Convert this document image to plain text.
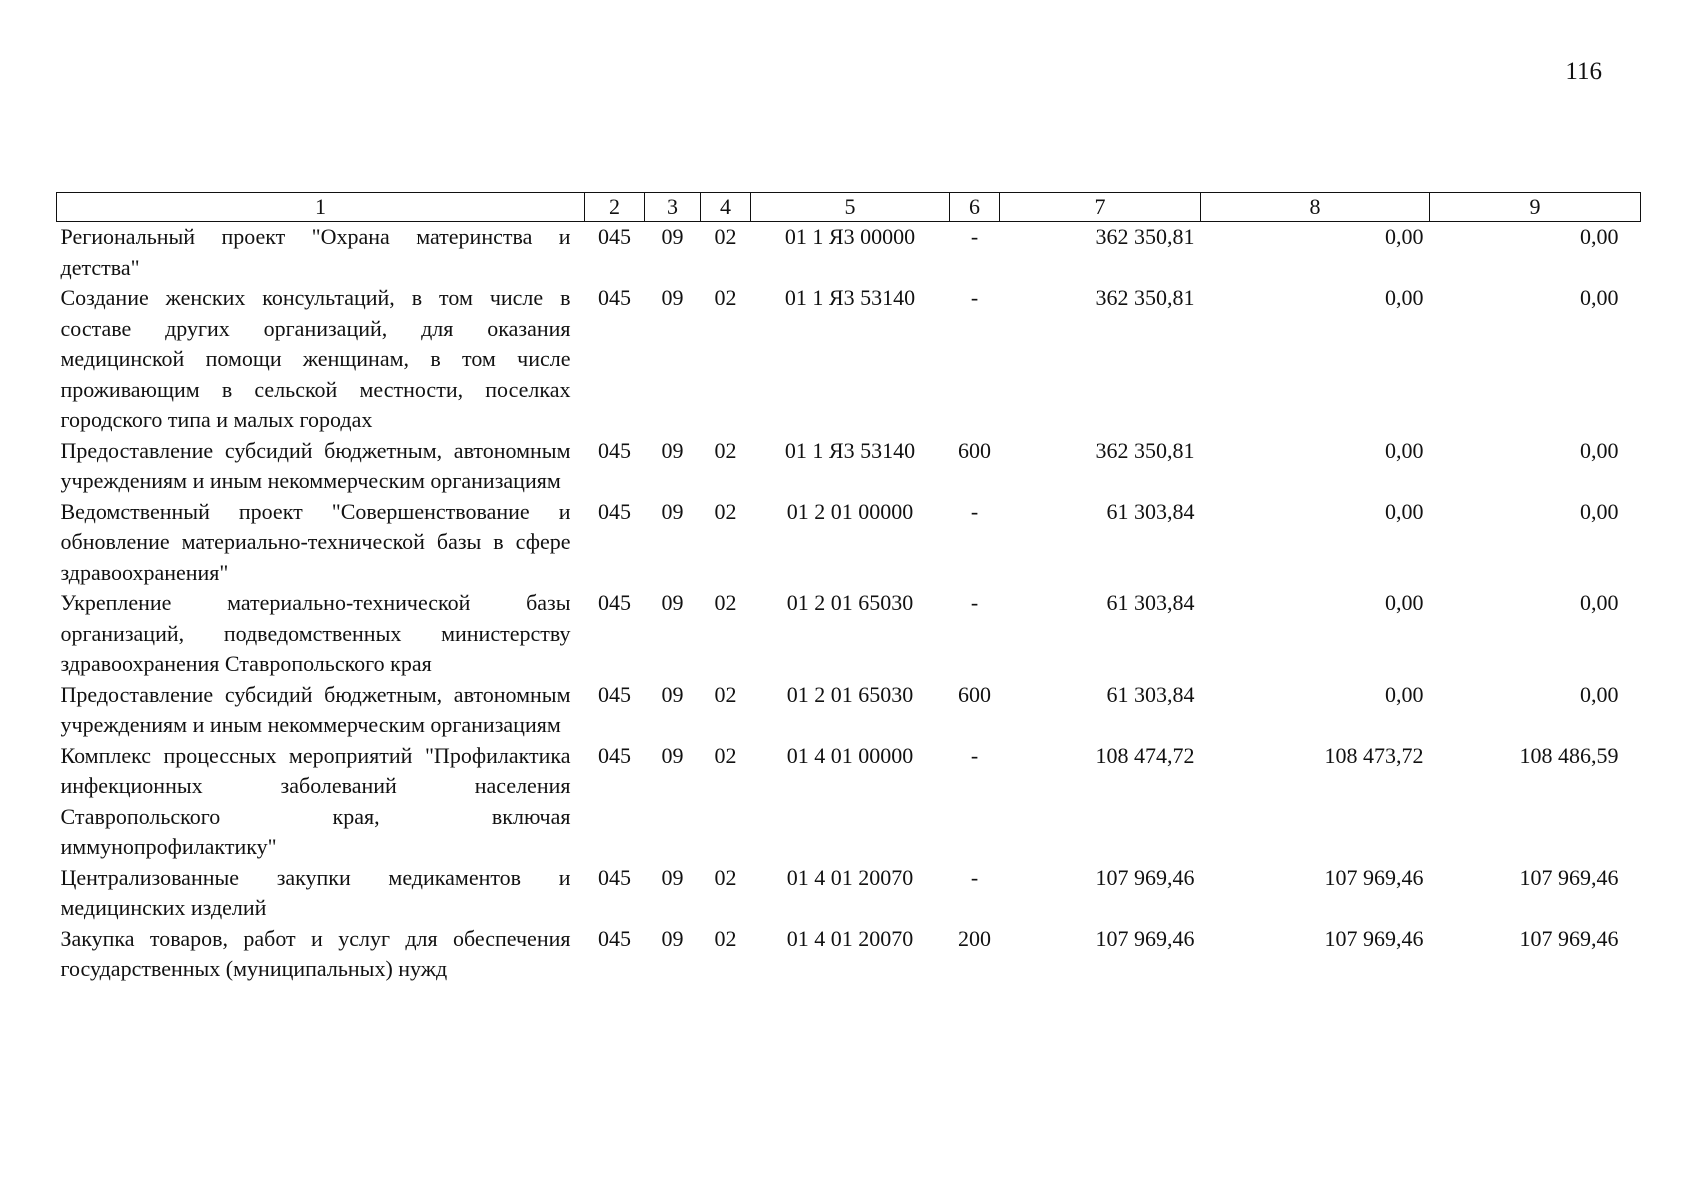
116
1	2	3	4	5	6	7	8	9
Региональный проект "Охрана материнства и детства"	045	09	02	01 1 Я3 00000	-	362 350,81	0,00	0,00
Создание женских консультаций, в том числе в составе других организаций, для оказания медицинской помощи женщинам, в том числе проживающим в сельской местности, поселках городского типа и малых городах	045	09	02	01 1 Я3 53140	-	362 350,81	0,00	0,00
Предоставление субсидий бюджетным, автономным учреждениям и иным некоммерческим организациям	045	09	02	01 1 Я3 53140	600	362 350,81	0,00	0,00
Ведомственный проект "Совершенствование и обновление материально-технической базы в сфере здравоохранения"	045	09	02	01 2 01 00000	-	61 303,84	0,00	0,00
Укрепление материально-технической базы организаций, подведомственных министерству здравоохранения Ставропольского края	045	09	02	01 2 01 65030	-	61 303,84	0,00	0,00
Предоставление субсидий бюджетным, автономным учреждениям и иным некоммерческим организациям	045	09	02	01 2 01 65030	600	61 303,84	0,00	0,00
Комплекс процессных мероприятий "Профилактика инфекционных заболеваний населения Ставропольского края, включая иммунопрофилактику"	045	09	02	01 4 01 00000	-	108 474,72	108 473,72	108 486,59
Централизованные закупки медикаментов и медицинских изделий	045	09	02	01 4 01 20070	-	107 969,46	107 969,46	107 969,46
Закупка товаров, работ и услуг для обеспечения государственных (муниципальных) нужд	045	09	02	01 4 01 20070	200	107 969,46	107 969,46	107 969,46
